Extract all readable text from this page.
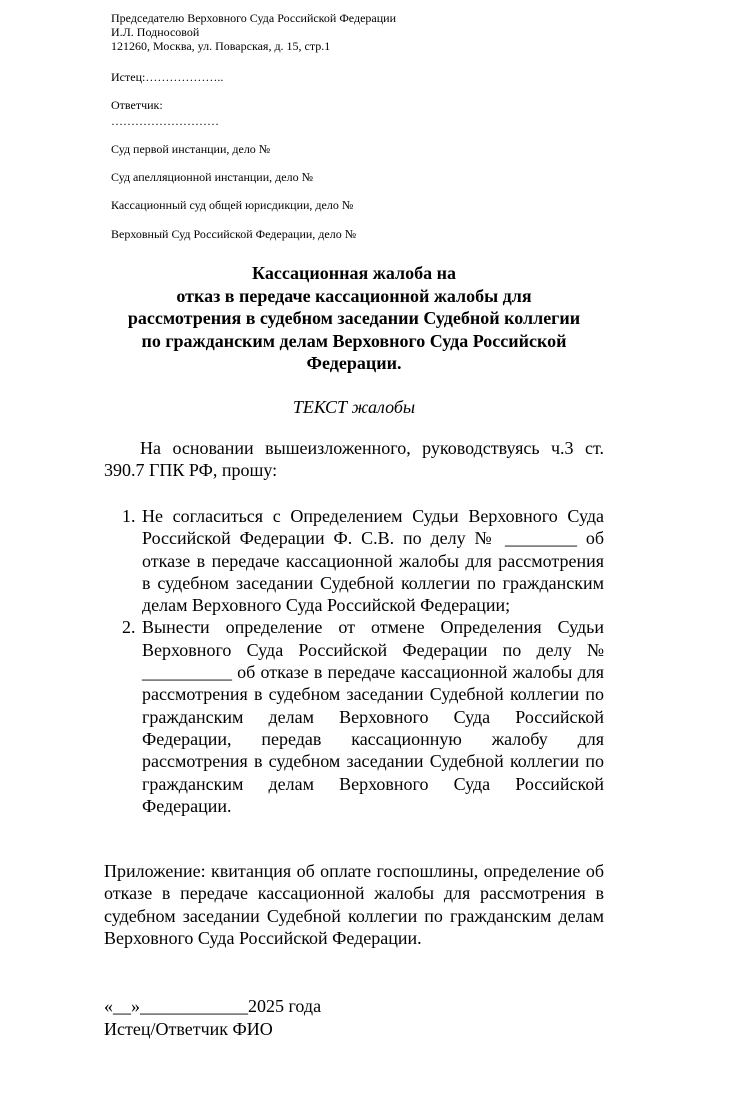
Председателю Верховного Суда Российской Федерации
И.Л. Подносовой
121260, Москва, ул. Поварская, д. 15, стр.1
Истец:………………..
Ответчик:
………………………
Суд первой инстанции, дело №
Суд апелляционной инстанции, дело №
Кассационный суд общей юрисдикции, дело №
Верховный Суд Российской Федерации, дело №
Кассационная жалоба на
отказ в передаче кассационной жалобы для
рассмотрения в судебном заседании Судебной коллегии
по гражданским делам Верховного Суда Российской
Федерации.
ТЕКСТ жалобы
На основании вышеизложенного, руководствуясь ч.3 ст. 390.7 ГПК РФ, прошу:
1. Не согласиться с Определением Судьи Верховного Суда Российской Федерации Ф. С.В. по делу № ________ об отказе в передаче кассационной жалобы для рассмотрения в судебном заседании Судебной коллегии по гражданским делам Верховного Суда Российской Федерации;
2. Вынести определение от отмене Определения Судьи Верховного Суда Российской Федерации по делу № __________ об отказе в передаче кассационной жалобы для рассмотрения в судебном заседании Судебной коллегии по гражданским делам Верховного Суда Российской Федерации, передав кассационную жалобу для рассмотрения в судебном заседании Судебной коллегии по гражданским делам Верховного Суда Российской Федерации.
Приложение: квитанция об оплате госпошлины, определение об отказе в передаче кассационной жалобы для рассмотрения в судебном заседании Судебной коллегии по гражданским делам Верховного Суда Российской Федерации.
«__»____________2025 года
Истец/Ответчик ФИО
